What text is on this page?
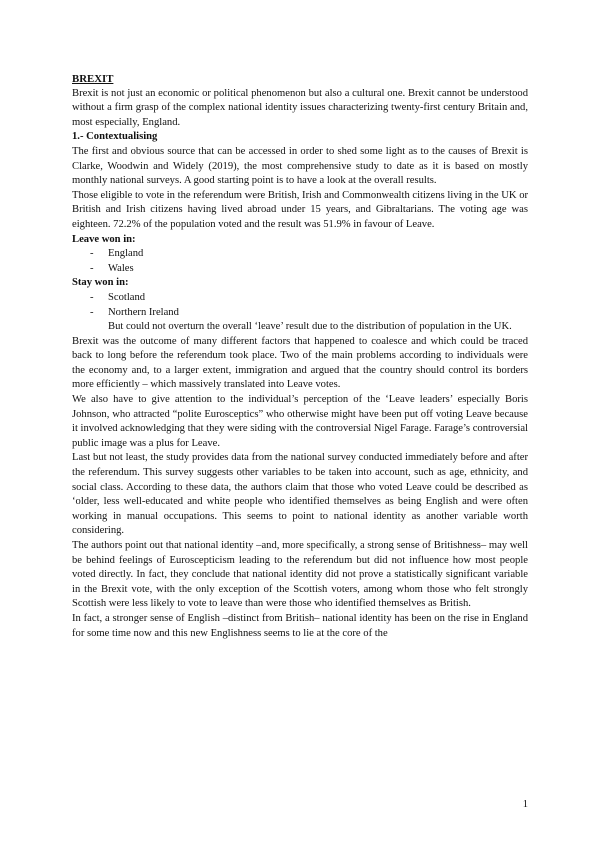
BREXIT

Brexit is not just an economic or political phenomenon but also a cultural one. Brexit cannot be understood without a firm grasp of the complex national identity issues characterizing twenty-first century Britain and, most especially, England.

1.- Contextualising

The first and obvious source that can be accessed in order to shed some light as to the causes of Brexit is Clarke, Woodwin and Widely (2019), the most comprehensive study to date as it is based on mostly monthly national surveys. A good starting point is to have a look at the overall results.

Those eligible to vote in the referendum were British, Irish and Commonwealth citizens living in the UK or British and Irish citizens having lived abroad under 15 years, and Gibraltarians. The voting age was eighteen. 72.2% of the population voted and the result was 51.9% in favour of Leave.

Leave won in:
- England
- Wales
Stay won in:
- Scotland
- Northern Ireland

But could not overturn the overall ‘leave’ result due to the distribution of population in the UK.

Brexit was the outcome of many different factors that happened to coalesce and which could be traced back to long before the referendum took place. Two of the main problems according to individuals were the economy and, to a larger extent, immigration and argued that the country should control its borders more efficiently – which massively translated into Leave votes.

We also have to give attention to the individual’s perception of the ‘Leave leaders’ especially Boris Johnson, who attracted “polite Eurosceptics” who otherwise might have been put off voting Leave because it involved acknowledging that they were siding with the controversial Nigel Farage. Farage’s controversial public image was a plus for Leave.

Last but not least, the study provides data from the national survey conducted immediately before and after the referendum. This survey suggests other variables to be taken into account, such as age, ethnicity, and social class. According to these data, the authors claim that those who voted Leave could be described as ‘older, less well-educated and white people who identified themselves as being English and were often working in manual occupations. This seems to point to national identity as another variable worth considering.

The authors point out that national identity –and, more specifically, a strong sense of Britishness– may well be behind feelings of Euroscepticism leading to the referendum but did not influence how most people voted directly. In fact, they conclude that national identity did not prove a statistically significant variable in the Brexit vote, with the only exception of the Scottish voters, among whom those who felt strongly Scottish were less likely to vote to leave than were those who identified themselves as British.

In fact, a stronger sense of English –distinct from British– national identity has been on the rise in England for some time now and this new Englishness seems to lie at the core of the

1
